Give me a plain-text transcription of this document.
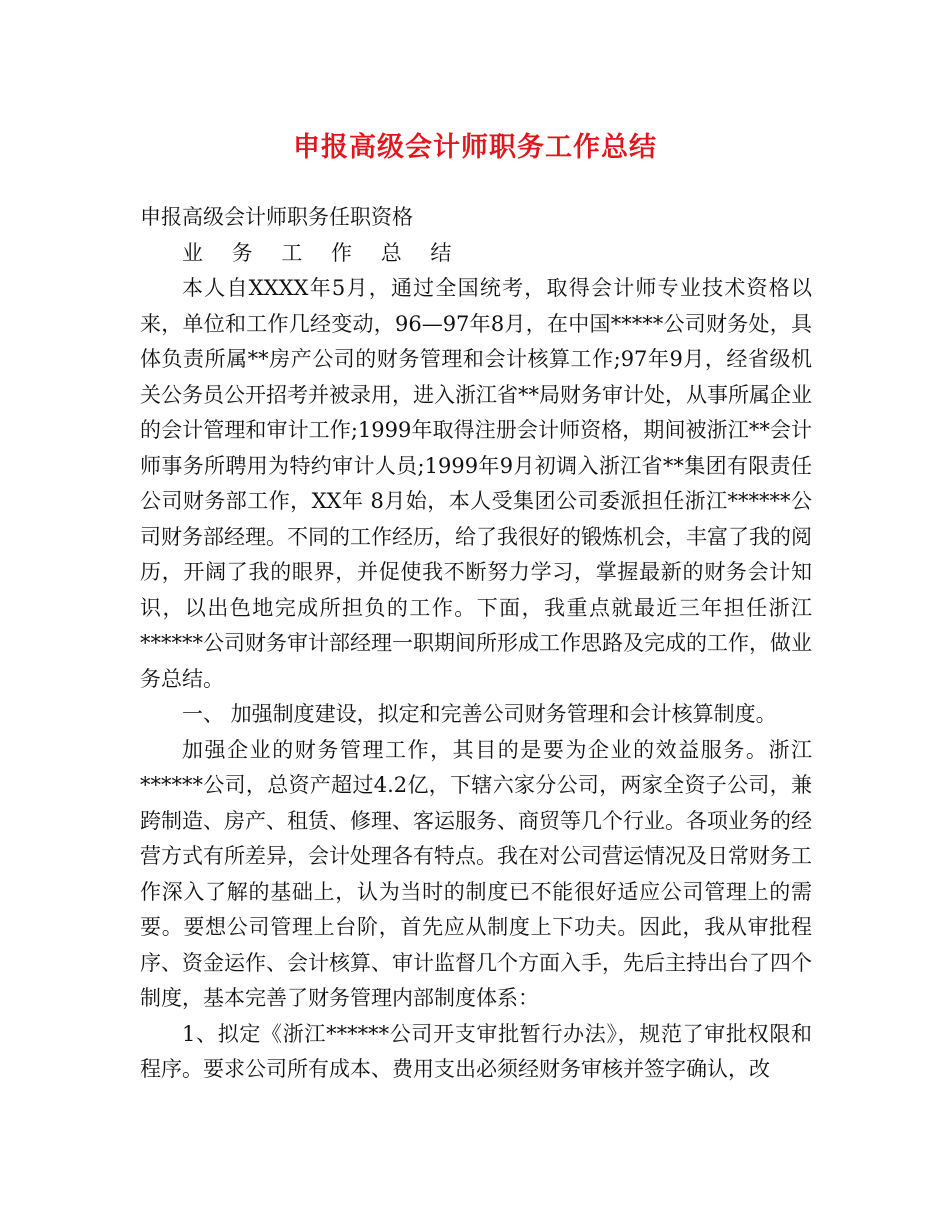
申报高级会计师职务工作总结

申报高级会计师职务任职资格

业 务 工 作 总 结

本人自XXXX年5月，通过全国统考，取得会计师专业技术资格以来，单位和工作几经变动，96—97年8月，在中国*****公司财务处，具体负责所属**房产公司的财务管理和会计核算工作;97年9月，经省级机关公务员公开招考并被录用，进入浙江省**局财务审计处，从事所属企业的会计管理和审计工作;1999年取得注册会计师资格，期间被浙江**会计师事务所聘用为特约审计人员;1999年9月初调入浙江省**集团有限责任公司财务部工作，XX年 8月始，本人受集团公司委派担任浙江******公司财务部经理。不同的工作经历，给了我很好的锻炼机会，丰富了我的阅历，开阔了我的眼界，并促使我不断努力学习，掌握最新的财务会计知识，以出色地完成所担负的工作。下面，我重点就最近三年担任浙江******公司财务审计部经理一职期间所形成工作思路及完成的工作，做业务总结。

一、 加强制度建设，拟定和完善公司财务管理和会计核算制度。

加强企业的财务管理工作，其目的是要为企业的效益服务。浙江******公司，总资产超过4.2亿，下辖六家分公司，两家全资子公司，兼跨制造、房产、租赁、修理、客运服务、商贸等几个行业。各项业务的经营方式有所差异，会计处理各有特点。我在对公司营运情况及日常财务工作深入了解的基础上，认为当时的制度已不能很好适应公司管理上的需要。要想公司管理上台阶，首先应从制度上下功夫。因此，我从审批程序、资金运作、会计核算、审计监督几个方面入手，先后主持出台了四个制度，基本完善了财务管理内部制度体系：

1、拟定《浙江******公司开支审批暂行办法》，规范了审批权限和程序。要求公司所有成本、费用支出必须经财务审核并签字确认，改
